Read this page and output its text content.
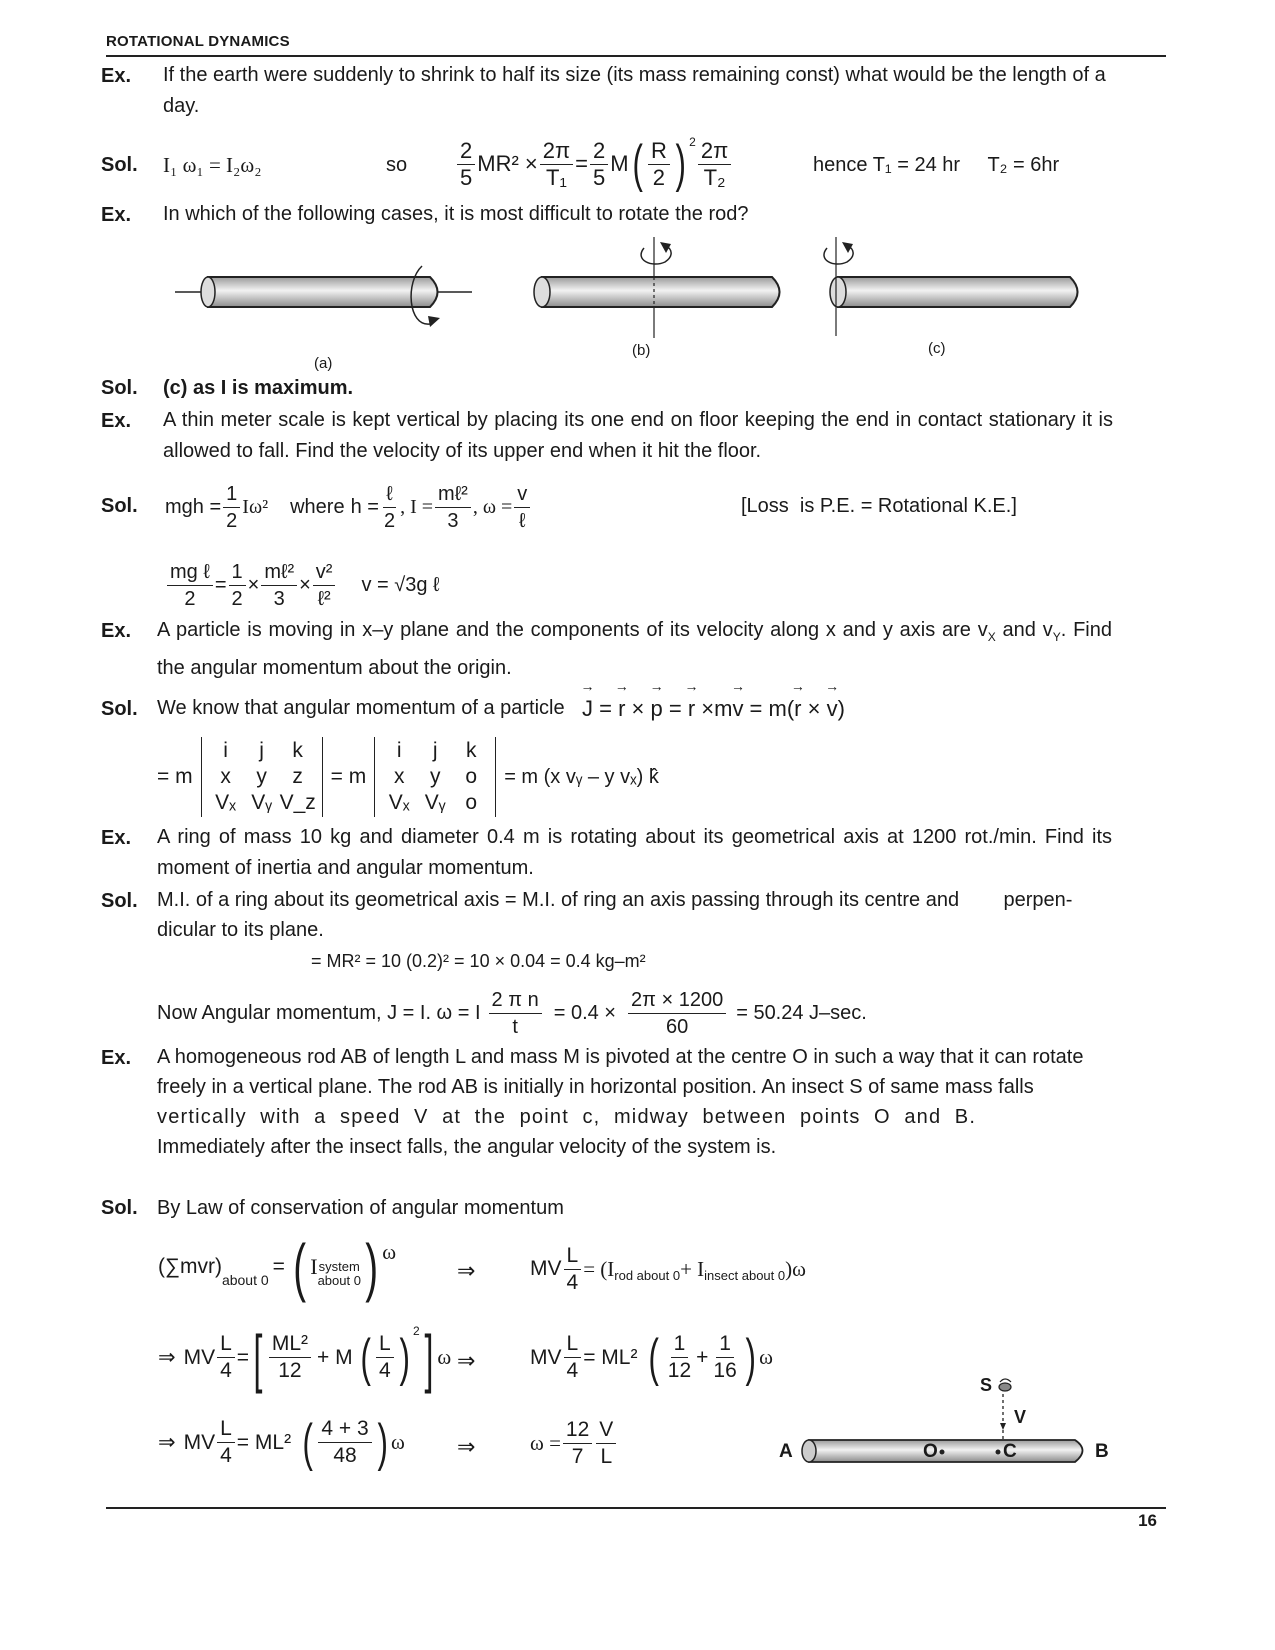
ROTATIONAL DYNAMICS
Ex. If the earth were suddenly to shrink to half its size (its mass remaining const) what would be the length of a day.
Sol. I₁ ω₁ = I₂ω₂	so $\frac{2}{5} MR^2 \times \frac{2\pi}{\text{T₁}} = \frac{2}{5}$ M ( $\frac{R}{2}$ ) $^2 \frac{2\pi}{\text{T₂}}$	hence T₁ = 24 hr     T₂ = 6hr
Ex. In which of the following cases, it is most difficult to rotate the rod?
(a)
(b)	(c)
Sol. (c) as I is maximum.
Ex. A thin meter scale is kept vertical by placing its one end on floor keeping the end in contact stationary it is allowed to fall. Find the velocity of its upper end when it hit the floor.
Sol. mgh = $\frac{1}{2} I\omega^2$ where $h = \frac{\text{ℓ}}{2}$ , $I = \frac{\text{mℓ²}}{3}$ , $\omega = \frac{v}{\text{ℓ}}$	[Loss  is P.E. = Rotational K.E.]
$\frac{\text{mg ℓ}}{2} = \frac{1}{2} \times \frac{\text{mℓ²}}{3} \times \frac{\text{v²}}{\text{ℓ²}}$ v = √3g ℓ
Ex. A particle is moving in x–y plane and the components of its velocity along x and y axis are $v_X$ and $v_Y$. Find the angular momentum about the origin.
Sol. We know that angular momentum of a particle → J = → r × → p = → r ×m→ v = m(→ r × → v)
= m
i	j	k
x	y	z
Vₓ Vᵧ V_z
= m
i	j	k
x	y	o
Vₓ Vᵧ o
= m (x vᵧ – y vₓ) k̂
Ex. A ring of mass 10 kg and diameter 0.4 m is rotating about its geometrical axis at 1200 rot./min. Find its moment of inertia and angular momentum.
Sol. M.I. of a ring about its geometrical axis = M.I. of ring an axis passing through its centre and        perpen-
dicular to its plane.
= MR² = 10 (0.2)² = 10 × 0.04 = 0.4 kg–m²
Now Angular momentum, J = I. ω = I $\frac{\text{2 π n}}{t} = 0.4 \times \frac{2\pi \times 1200}{60} = 50.24$ J–sec.
Ex. A homogeneous rod AB of length L and mass M is pivoted at the centre O in such a way that it can rotate
freely in a vertical plane. The rod AB is initially in horizontal position. An insect S of same mass falls
vertically  with  a  speed  V  at  the  point  c,  midway  between  points  O  and  B.
Immediately after the insect falls, the angular velocity of the system is.
Sol. By Law of conservation of angular momentum
(∑mvr)
$_{about 0}$
= ( I system
about 0 ) ω
⇒	MV $\frac{L}{4} = (I_{rod about 0} + I_{insect about 0}$ )ω
⇒ MV $\frac{L}{4}$ = [ $\frac{\text{ML²}}{12} + M$ ( $\frac{L}{4}$ ) $^2$ ] ω ⇒	MV $\frac{L}{4} = ML^2$ ( $\frac{1}{12} + \frac{1}{16}$ ) ω
⇒ MV $\frac{L}{4} = ML^2$ ( $\frac{4 + 3}{48}$ ) ω ⇒	$\omega = \frac{12}{7} \frac{V}{L}$	A	B
O	C
S
V
16
